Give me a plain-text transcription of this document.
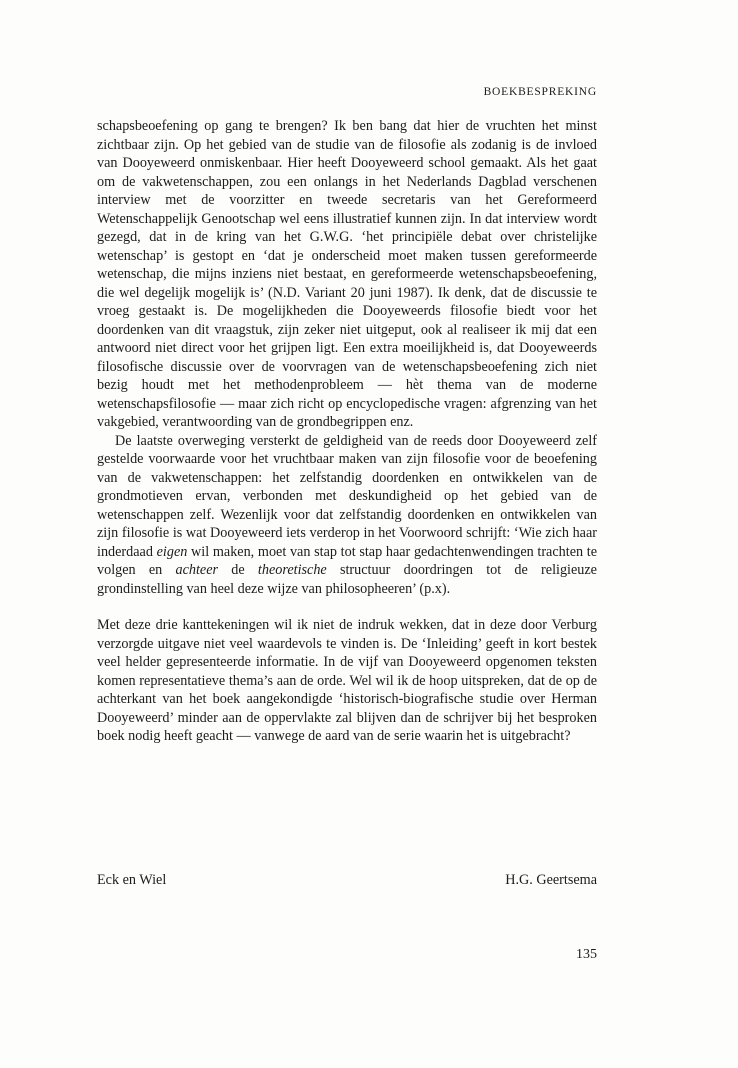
BOEKBESPREKING

schapsbeoefening op gang te brengen? Ik ben bang dat hier de vruchten het minst zichtbaar zijn. Op het gebied van de studie van de filosofie als zodanig is de invloed van Dooyeweerd onmiskenbaar. Hier heeft Dooyeweerd school gemaakt. Als het gaat om de vakwetenschappen, zou een onlangs in het Nederlands Dagblad verschenen interview met de voorzitter en tweede secretaris van het Gereformeerd Wetenschappelijk Genootschap wel eens illustratief kunnen zijn. In dat interview wordt gezegd, dat in de kring van het G.W.G. ‘het principiële debat over christelijke wetenschap’ is gestopt en ‘dat je onderscheid moet maken tussen gereformeerde wetenschap, die mijns inziens niet bestaat, en gereformeerde wetenschapsbeoefening, die wel degelijk mogelijk is’ (N.D. Variant 20 juni 1987). Ik denk, dat de discussie te vroeg gestaakt is. De mogelijkheden die Dooyeweerds filosofie biedt voor het doordenken van dit vraagstuk, zijn zeker niet uitgeput, ook al realiseer ik mij dat een antwoord niet direct voor het grijpen ligt. Een extra moeilijkheid is, dat Dooyeweerds filosofische discussie over de voorvragen van de wetenschapsbeoefening zich niet bezig houdt met het methodenprobleem — hèt thema van de moderne wetenschapsfilosofie — maar zich richt op encyclopedische vragen: afgrenzing van het vakgebied, verantwoording van de grondbegrippen enz.

De laatste overweging versterkt de geldigheid van de reeds door Dooyeweerd zelf gestelde voorwaarde voor het vruchtbaar maken van zijn filosofie voor de beoefening van de vakwetenschappen: het zelfstandig doordenken en ontwikkelen van de grondmotieven ervan, verbonden met deskundigheid op het gebied van de wetenschappen zelf. Wezenlijk voor dat zelfstandig doordenken en ontwikkelen van zijn filosofie is wat Dooyeweerd iets verderop in het Voorwoord schrijft: ‘Wie zich haar inderdaad eigen wil maken, moet van stap tot stap haar gedachtenwendingen trachten te volgen en achteer de theoretische structuur doordringen tot de religieuze grondinstelling van heel deze wijze van philosopheeren’ (p.x).

Met deze drie kanttekeningen wil ik niet de indruk wekken, dat in deze door Verburg verzorgde uitgave niet veel waardevols te vinden is. De ‘Inleiding’ geeft in kort bestek veel helder gepresenteerde informatie. In de vijf van Dooyeweerd opgenomen teksten komen representatieve thema’s aan de orde. Wel wil ik de hoop uitspreken, dat de op de achterkant van het boek aangekondigde ‘historisch-biografische studie over Herman Dooyeweerd’ minder aan de oppervlakte zal blijven dan de schrijver bij het besproken boek nodig heeft geacht — vanwege de aard van de serie waarin het is uitgebracht?

Eck en Wiel	H.G. Geertsema
135
